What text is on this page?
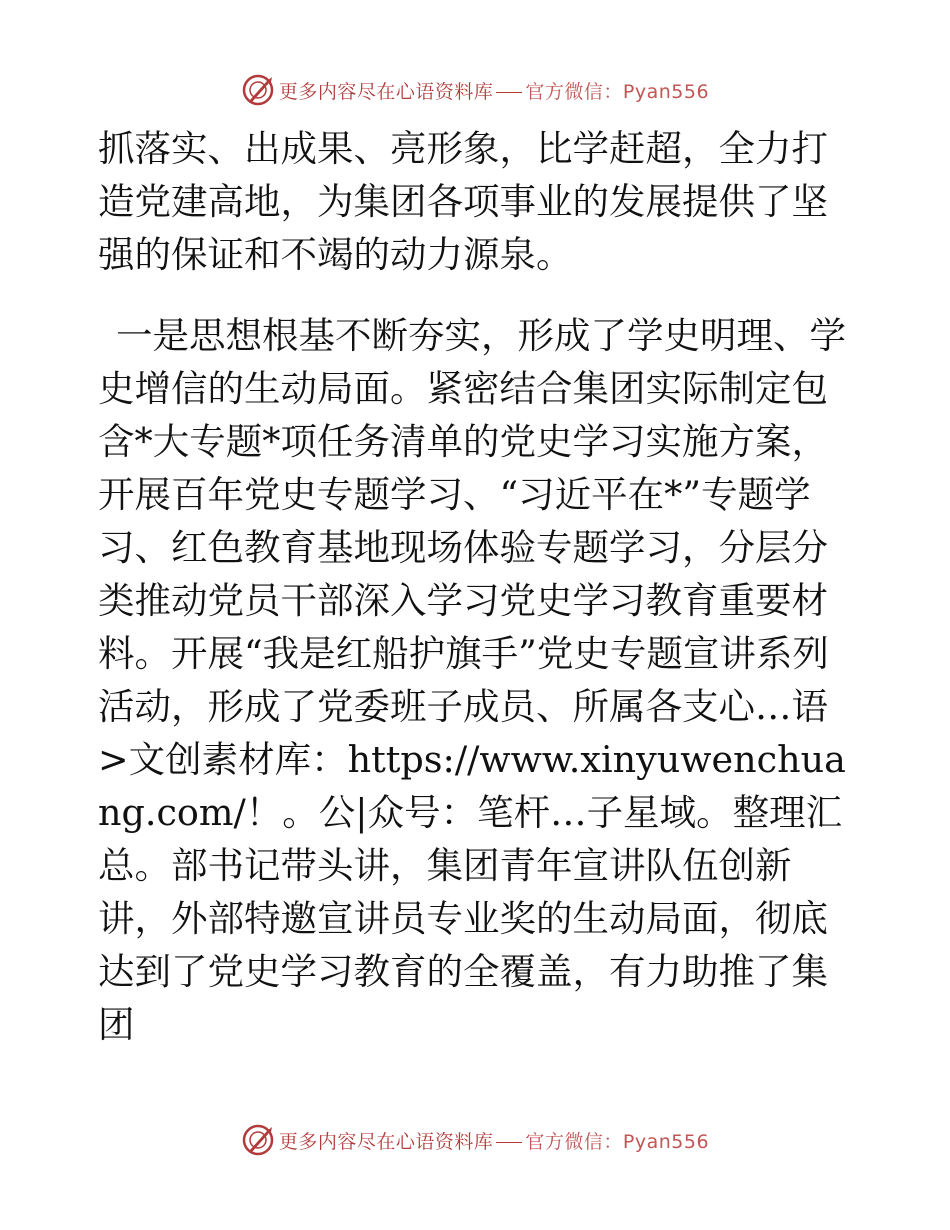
更多内容尽在心语资料库 官方微信：Pyan556

抓落实、出成果、亮形象，比学赶超，全力打造党建高地，为集团各项事业的发展提供了坚强的保证和不竭的动力源泉。

一是思想根基不断夯实，形成了学史明理、学史增信的生动局面。紧密结合集团实际制定包含*大专题*项任务清单的党史学习实施方案，开展百年党史专题学习、“习近平在*”专题学习、红色教育基地现场体验专题学习，分层分类推动党员干部深入学习党史学习教育重要材料。开展“我是红船护旗手”党史专题宣讲系列活动，形成了党委班子成员、所属各支心…语>文创素材库：https://www.xinyuwenchuang.com/！。公|众号：笔杆…子星域。整理汇总。部书记带头讲，集团青年宣讲队伍创新讲，外部特邀宣讲员专业奖的生动局面，彻底达到了党史学习教育的全覆盖，有力助推了集团

更多内容尽在心语资料库 官方微信：Pyan556
